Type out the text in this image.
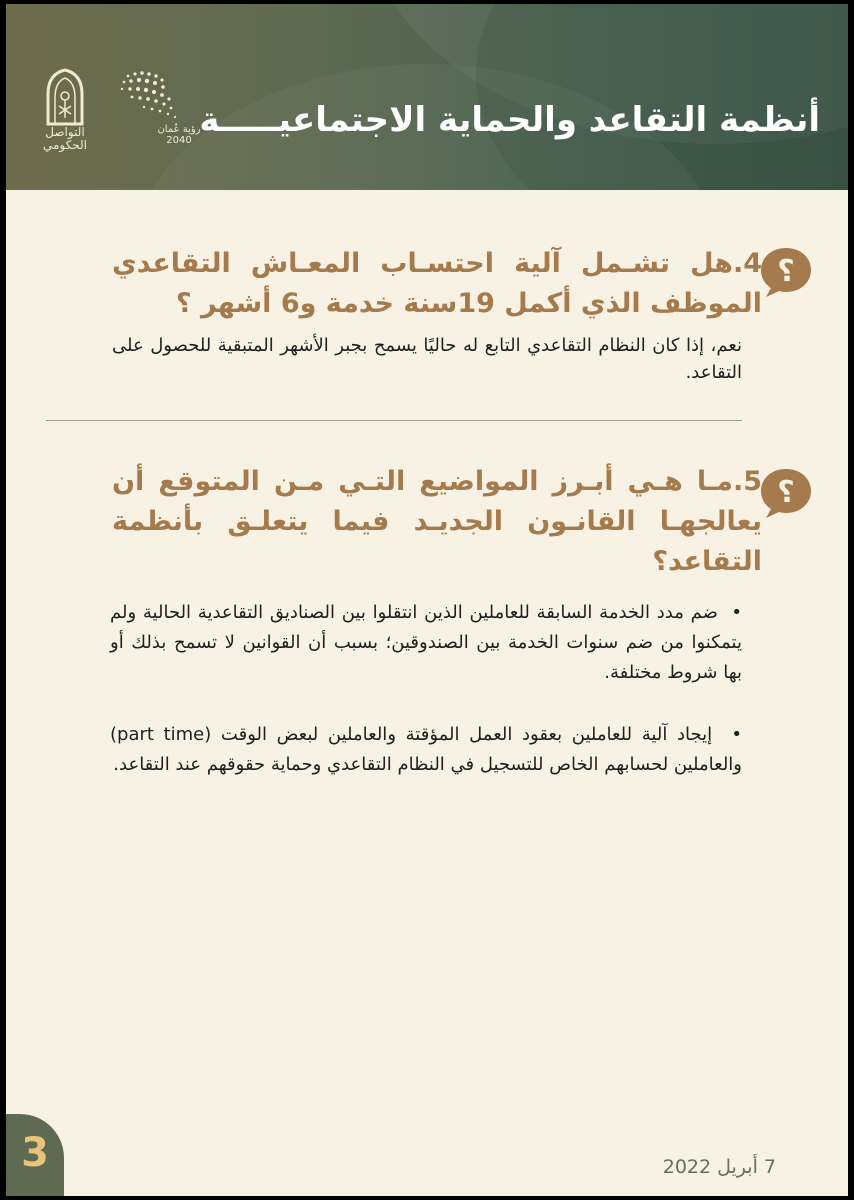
التواصل الحكومي
رؤية عُمان 2040
أنظمة التقاعد والحماية الاجتماعيـــــة
؟
4.هل تشـمل آلية احتسـاب المعـاش التقاعدي الموظف الذي أكمل 19سنة خدمة و6 أشهر ؟
نعم، إذا كان النظام التقاعدي التابع له حاليًا يسمح بجبر الأشهر المتبقية للحصول على التقاعد.
؟
5.مـا هـي أبـرز المواضيع التـي مـن المتوقع أن يعالجهـا القانـون الجديـد فيما يتعلـق بأنظمة التقاعد؟
•  ضم مدد الخدمة السابقة للعاملين الذين انتقلوا بين الصناديق التقاعدية الحالية ولم يتمكنوا من ضم سنوات الخدمة بين الصندوقين؛ بسبب أن القوانين لا تسمح بذلك أو بها شروط مختلفة.
•  إيجاد آلية للعاملين بعقود العمل المؤقتة والعاملين لبعض الوقت (part time) والعاملين لحسابهم الخاص للتسجيل في النظام التقاعدي وحماية حقوقهم عند التقاعد.
3	7 أبريل 2022
